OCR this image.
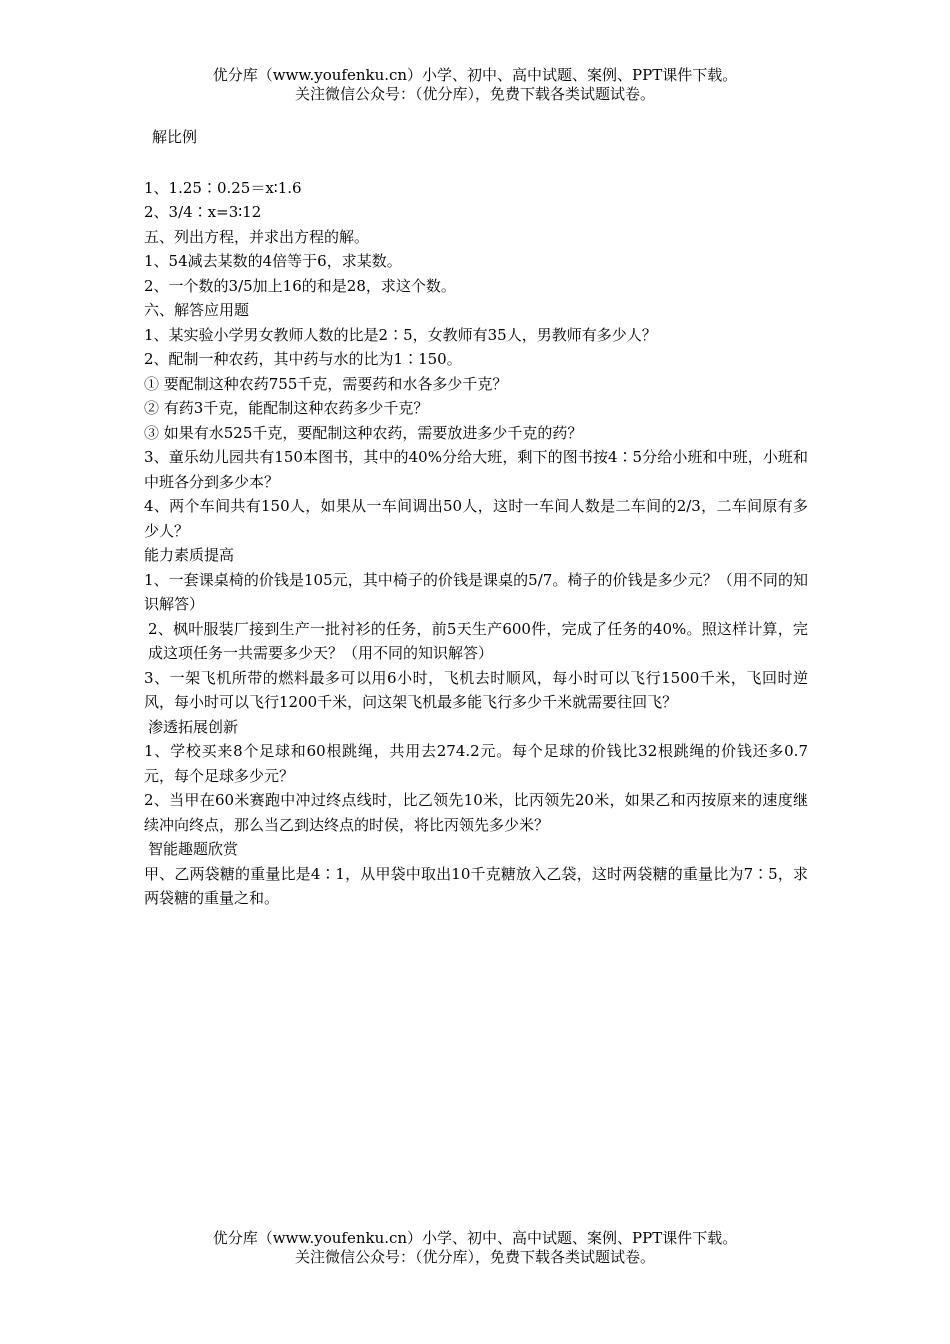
优分库（www.youfenku.cn）小学、初中、高中试题、案例、PPT课件下载。
关注微信公众号：（优分库），免费下载各类试题试卷。
解比例
1、1.25∶0.25＝x∶1.6
2、3/4∶x=3∶12
五、列出方程，并求出方程的解。
1、54减去某数的4倍等于6，求某数。
2、一个数的3/5加上16的和是28，求这个数。
六、解答应用题
1、某实验小学男女教师人数的比是2∶5，女教师有35人，男教师有多少人？
2、配制一种农药，其中药与水的比为1∶150。
① 要配制这种农药755千克，需要药和水各多少千克？
② 有药3千克，能配制这种农药多少千克？
③ 如果有水525千克，要配制这种农药，需要放进多少千克的药？
3、童乐幼儿园共有150本图书，其中的40%分给大班，剩下的图书按4∶5分给小班和中班，小班和中班各分到多少本？
4、两个车间共有150人，如果从一车间调出50人，这时一车间人数是二车间的2/3，二车间原有多少人？
能力素质提高
1、一套课桌椅的价钱是105元，其中椅子的价钱是课桌的5/7。椅子的价钱是多少元？（用不同的知识解答）
2、枫叶服装厂接到生产一批衬衫的任务，前5天生产600件，完成了任务的40%。照这样计算，完成这项任务一共需要多少天？（用不同的知识解答）
3、一架飞机所带的燃料最多可以用6小时，飞机去时顺风，每小时可以飞行1500千米，飞回时逆风，每小时可以飞行1200千米，问这架飞机最多能飞行多少千米就需要往回飞？
渗透拓展创新
1、学校买来8个足球和60根跳绳，共用去274.2元。每个足球的价钱比32根跳绳的价钱还多0.7元，每个足球多少元？
2、当甲在60米赛跑中冲过终点线时，比乙领先10米，比丙领先20米，如果乙和丙按原来的速度继续冲向终点，那么当乙到达终点的时侯，将比丙领先多少米？
智能趣题欣赏
甲、乙两袋糖的重量比是4∶1，从甲袋中取出10千克糖放入乙袋，这时两袋糖的重量比为7∶5，求两袋糖的重量之和。
优分库（www.youfenku.cn）小学、初中、高中试题、案例、PPT课件下载。
关注微信公众号：（优分库），免费下载各类试题试卷。
